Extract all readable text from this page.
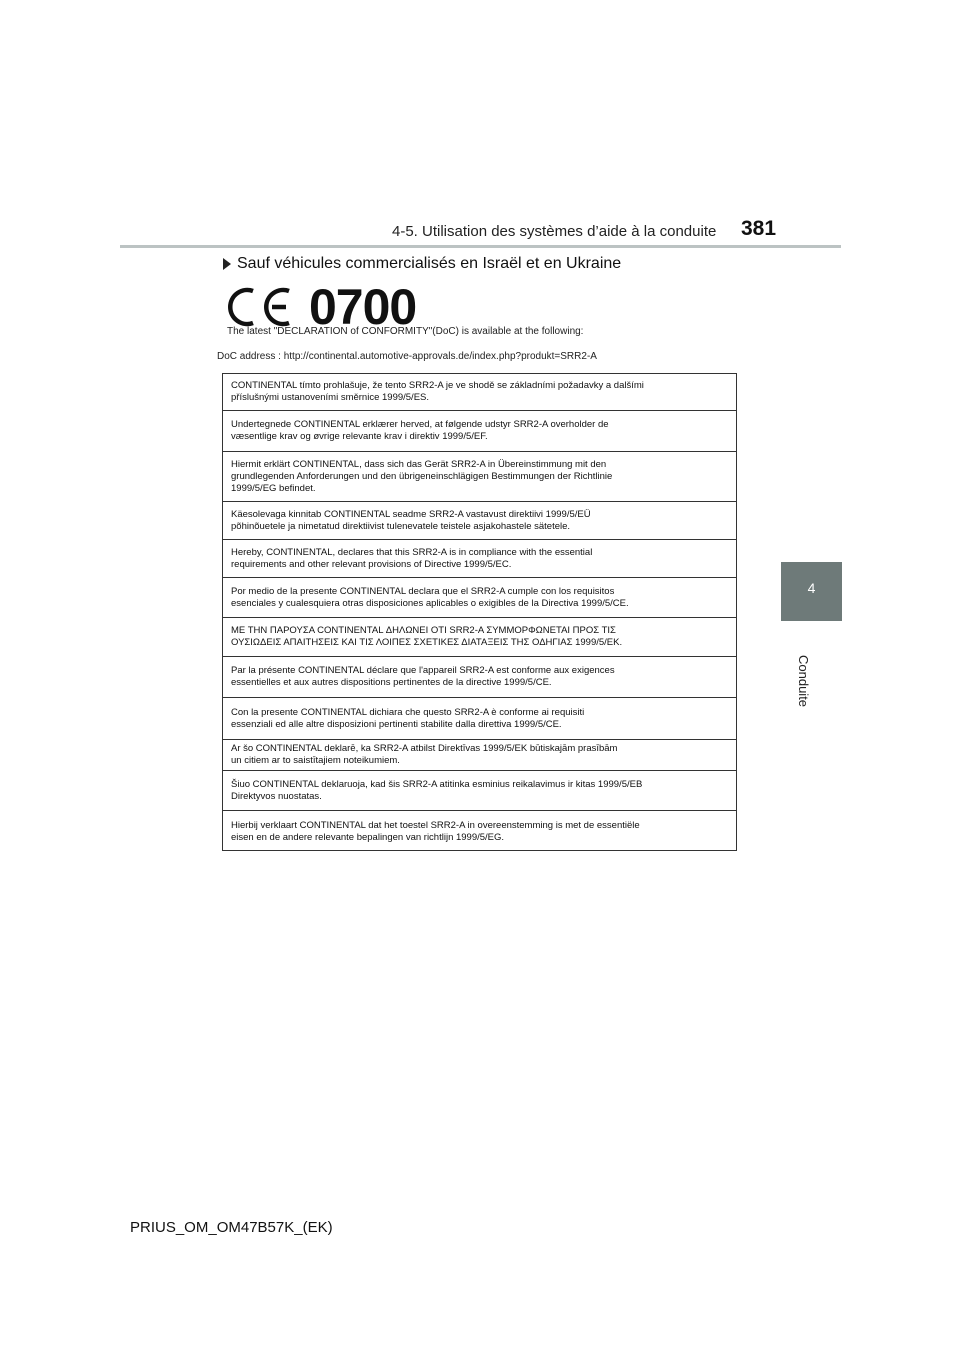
4-5. Utilisation des systèmes d’aide à la conduite 381
4
Conduite
Sauf véhicules commercialisés en Israël et en Ukraine
0700
The latest "DECLARATION of CONFORMITY"(DoC) is available at the following:
DoC address : http://continental.automotive-approvals.de/index.php?produkt=SRR2-A
CONTINENTAL tímto prohlašuje, že tento SRR2-A je ve shodě se základními požadavky a dalšími
příslušnými ustanoveními směrnice 1999/5/ES.
Undertegnede CONTINENTAL erklærer herved, at følgende udstyr SRR2-A overholder de
væsentlige krav og øvrige relevante krav i direktiv 1999/5/EF.
Hiermit erklärt CONTINENTAL, dass sich das Gerät SRR2-A in Übereinstimmung mit den
grundlegenden Anforderungen und den übrigeneinschlägigen Bestimmungen der Richtlinie
1999/5/EG befindet.
Käesolevaga kinnitab CONTINENTAL seadme SRR2-A vastavust direktiivi 1999/5/EÜ
põhinõuetele ja nimetatud direktiivist tulenevatele teistele asjakohastele sätetele.
Hereby, CONTINENTAL, declares that this SRR2-A is in compliance with the essential
requirements and other relevant provisions of Directive 1999/5/EC.
Por medio de la presente CONTINENTAL declara que el SRR2-A cumple con los requisitos
esenciales y cualesquiera otras disposiciones aplicables o exigibles de la Directiva 1999/5/CE.
ΜΕ ΤΗΝ ΠΑΡΟΥΣΑ CONTINENTAL ΔΗΛΩΝΕΙ ΟΤΙ SRR2-A ΣΥΜΜΟΡΦΩΝΕΤΑΙ ΠΡΟΣ ΤΙΣ
ΟΥΣΙΩΔΕΙΣ ΑΠΑΙΤΗΣΕΙΣ ΚΑΙ ΤΙΣ ΛΟΙΠΕΣ ΣΧΕΤΙΚΕΣ ΔΙΑΤΑΞΕΙΣ ΤΗΣ ΟΔΗΓΙΑΣ 1999/5/ΕΚ.
Par la présente CONTINENTAL déclare que l'appareil SRR2-A est conforme aux exigences
essentielles et aux autres dispositions pertinentes de la directive 1999/5/CE.
Con la presente CONTINENTAL dichiara che questo SRR2-A è conforme ai requisiti
essenziali ed alle altre disposizioni pertinenti stabilite dalla direttiva 1999/5/CE.
Ar šo CONTINENTAL deklarē, ka SRR2-A atbilst Direktīvas 1999/5/EK būtiskajām prasībām
un citiem ar to saistītajiem noteikumiem.
Šiuo CONTINENTAL deklaruoja, kad šis SRR2-A atitinka esminius reikalavimus ir kitas 1999/5/EB
Direktyvos nuostatas.
Hierbij verklaart CONTINENTAL dat het toestel SRR2-A in overeenstemming is met de essentiële
eisen en de andere relevante bepalingen van richtlijn 1999/5/EG.
PRIUS_OM_OM47B57K_(EK)
